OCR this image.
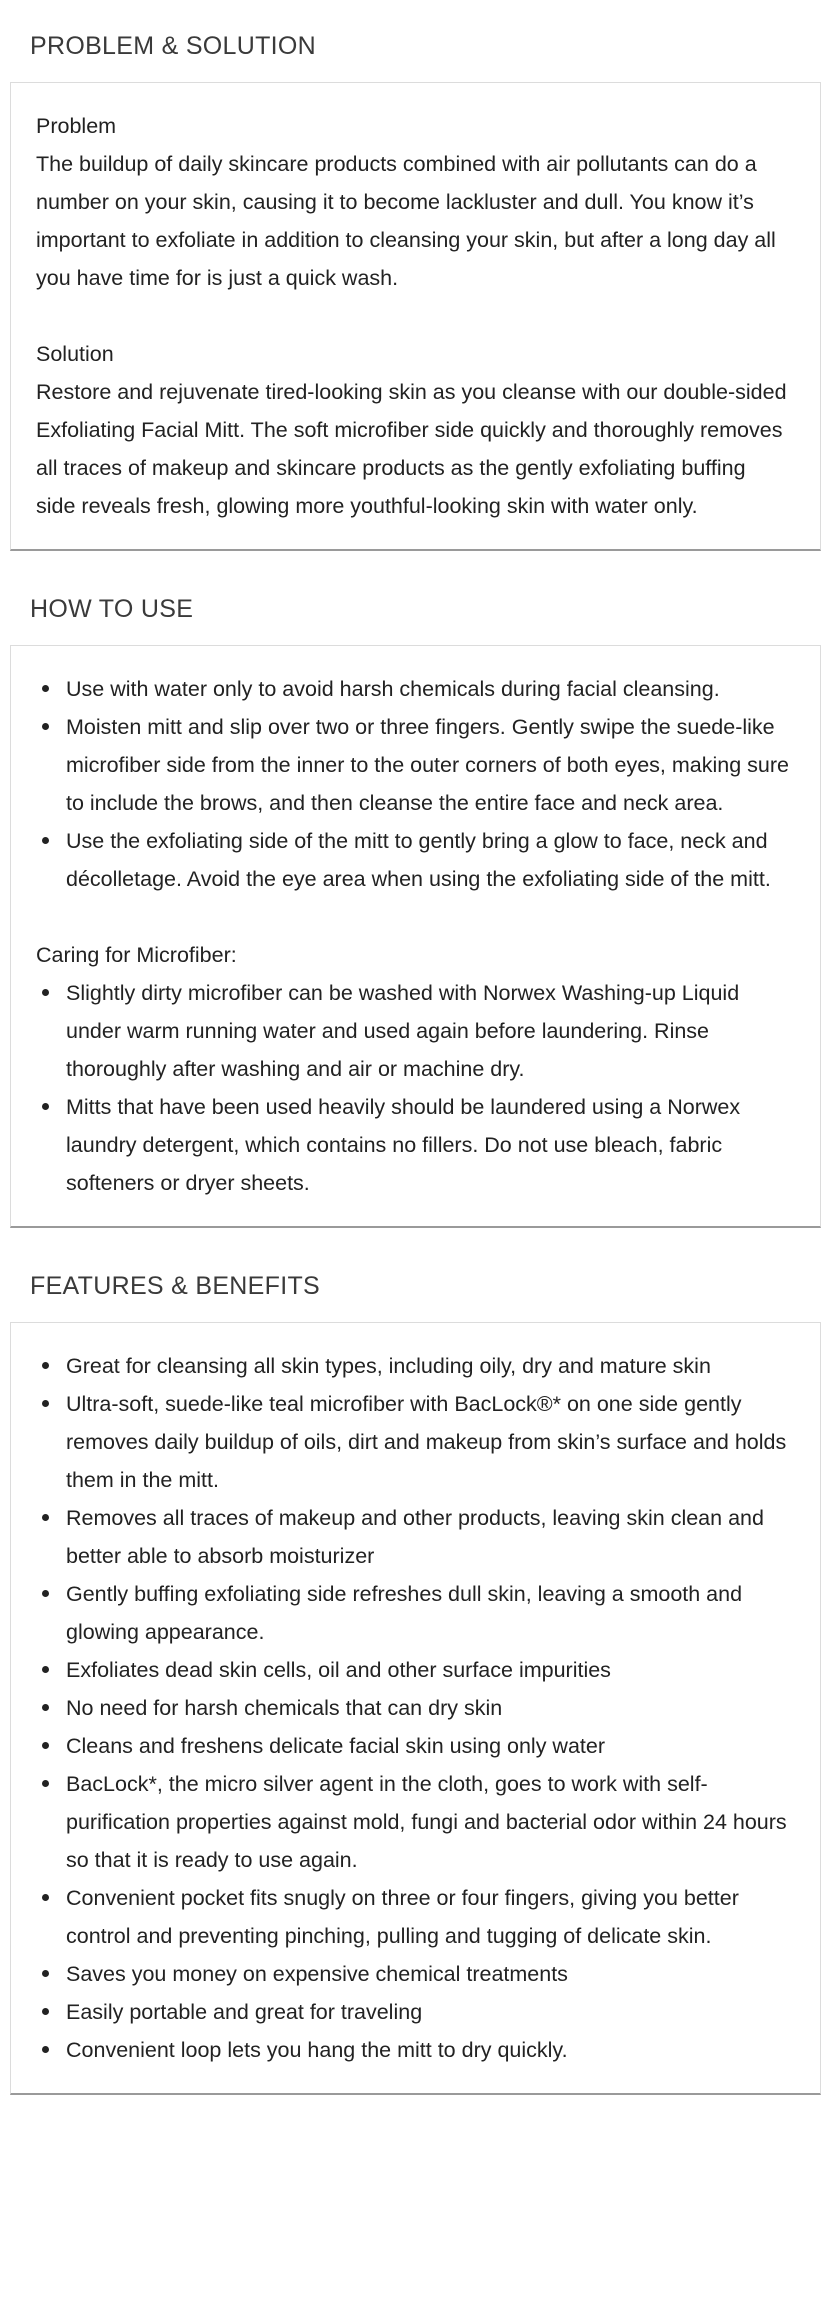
PROBLEM & SOLUTION
Problem

The buildup of daily skincare products combined with air pollutants can do a number on your skin, causing it to become lackluster and dull. You know it’s important to exfoliate in addition to cleansing your skin, but after a long day all you have time for is just a quick wash.

Solution

Restore and rejuvenate tired-looking skin as you cleanse with our double-sided Exfoliating Facial Mitt. The soft microfiber side quickly and thoroughly removes all traces of makeup and skincare products as the gently exfoliating buffing side reveals fresh, glowing more youthful-looking skin with water only.

HOW TO USE
Use with water only to avoid harsh chemicals during facial cleansing.
Moisten mitt and slip over two or three fingers. Gently swipe the suede-like microfiber side from the inner to the outer corners of both eyes, making sure to include the brows, and then cleanse the entire face and neck area.
Use the exfoliating side of the mitt to gently bring a glow to face, neck and décolletage. Avoid the eye area when using the exfoliating side of the mitt.
Caring for Microfiber:
Slightly dirty microfiber can be washed with Norwex Washing-up Liquid under warm running water and used again before laundering. Rinse thoroughly after washing and air or machine dry.
Mitts that have been used heavily should be laundered using a Norwex laundry detergent, which contains no fillers. Do not use bleach, fabric softeners or dryer sheets.
FEATURES & BENEFITS
Great for cleansing all skin types, including oily, dry and mature skin
Ultra-soft, suede-like teal microfiber with BacLock®* on one side gently removes daily buildup of oils, dirt and makeup from skin’s surface and holds them in the mitt.
Removes all traces of makeup and other products, leaving skin clean and better able to absorb moisturizer
Gently buffing exfoliating side refreshes dull skin, leaving a smooth and glowing appearance.
Exfoliates dead skin cells, oil and other surface impurities
No need for harsh chemicals that can dry skin
Cleans and freshens delicate facial skin using only water
BacLock*, the micro silver agent in the cloth, goes to work with self-purification properties against mold, fungi and bacterial odor within 24 hours so that it is ready to use again.
Convenient pocket fits snugly on three or four fingers, giving you better control and preventing pinching, pulling and tugging of delicate skin.
Saves you money on expensive chemical treatments
Easily portable and great for traveling
Convenient loop lets you hang the mitt to dry quickly.
